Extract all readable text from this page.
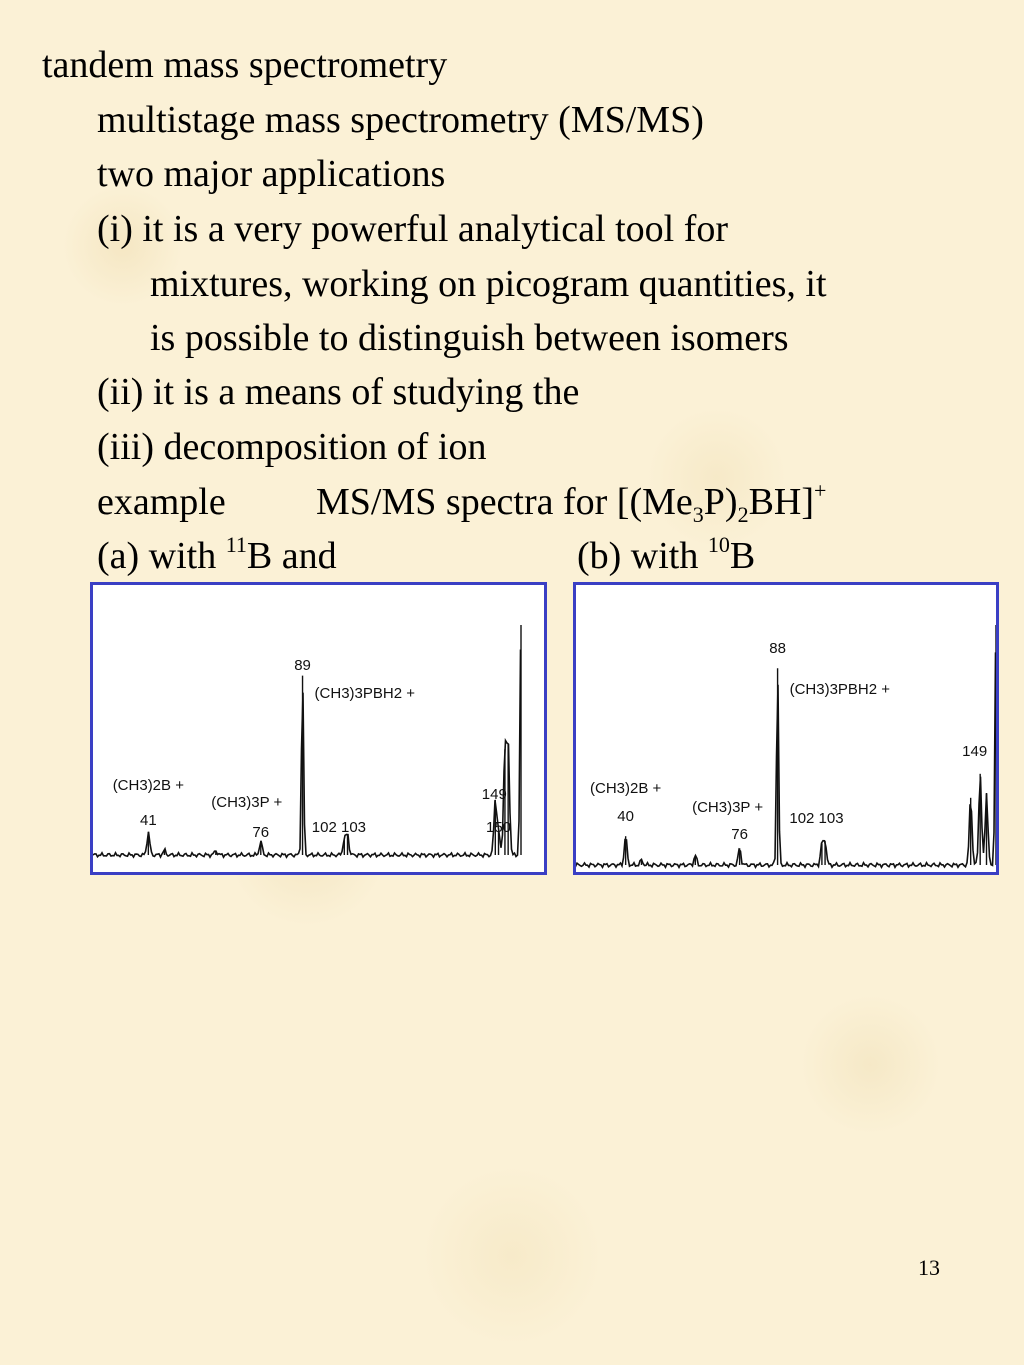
tandem mass spectrometry
multistage mass spectrometry (MS/MS)
two major applications
(i) it is a very powerful analytical tool for
mixtures, working on picogram quantities, it
is possible to distinguish between isomers
(ii) it is a means of studying the
(iii) decomposition of ion
example MS/MS spectra for $[(Me_3P)_2BH]^+$
(a) with $^{11}$B and	(b) with $^{10}$B
89
(CH3)3PBH2 +
(CH3)2B +
41
(CH3)3P +
76	102 103
149
150
88
(CH3)3PBH2 +
149
(CH3)2B +
40
(CH3)3P +
76
102 103
13
